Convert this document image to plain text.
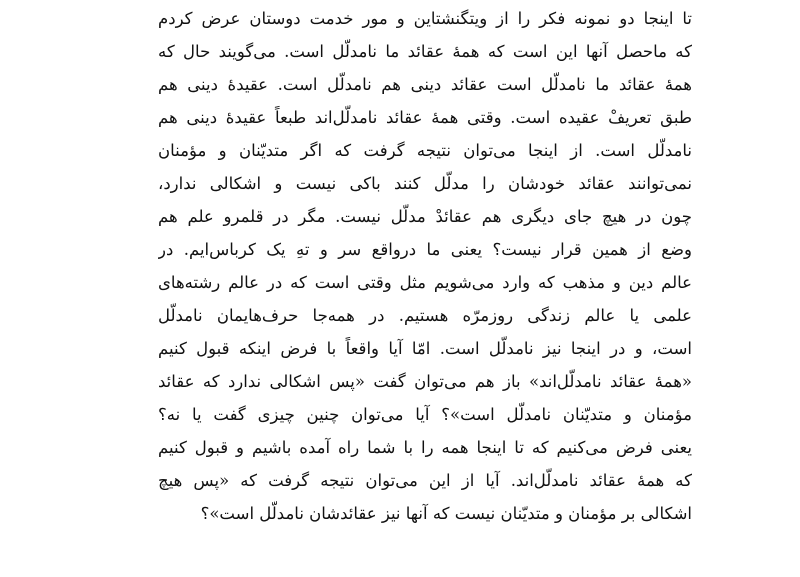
تا اینجا دو نمونه فکر را از ویتگنشتاین و مور خدمت دوستان عرض کردم
که ماحصل آنها این است که همهٔ عقائد ما نامدلّل است. می‌گویند حال که
همهٔ عقائد ما نامدلّل است عقائد دینی هم نامدلّل است. عقیدهٔ دینی هم
طبق تعریفْ عقیده است. وقتی همهٔ عقائد نامدلّل‌اند طبعاً عقیدهٔ دینی هم
نامدلّل است. از اینجا می‌توان نتیجه گرفت که اگر متدیّنان و مؤمنان
نمی‌توانند عقائد خودشان را مدلّل کنند باکی نیست و اشکالی ندارد،
چون در هیچ جای دیگری هم عقائدْ مدلّل نیست. مگر در قلمرو علم هم
وضع از همین قرار نیست؟ یعنی ما درواقع سر و تهِ یک کرباس‌ایم. در
عالم دین و مذهب که وارد می‌شویم مثل وقتی است که در عالم رشته‌های
علمی یا عالم زندگی روزمرّه هستیم. در همه‌جا حرف‌هایمان نامدلّل
است، و در اینجا نیز نامدلّل است. امّا آیا واقعاً با فرض اینکه قبول کنیم
«همهٔ عقائد نامدلّل‌اند» باز هم می‌توان گفت «پس اشکالی ندارد که عقائد
مؤمنان و متدیّنان نامدلّل است»؟ آیا می‌توان چنین چیزی گفت یا نه؟
یعنی فرض می‌کنیم که تا اینجا همه را با شما راه آمده باشیم و قبول کنیم
که همهٔ عقائد نامدلّل‌اند. آیا از این می‌توان نتیجه گرفت که «پس هیچ
اشکالی بر مؤمنان و متدیّنان نیست که آنها نیز عقائدشان نامدلّل است»؟
